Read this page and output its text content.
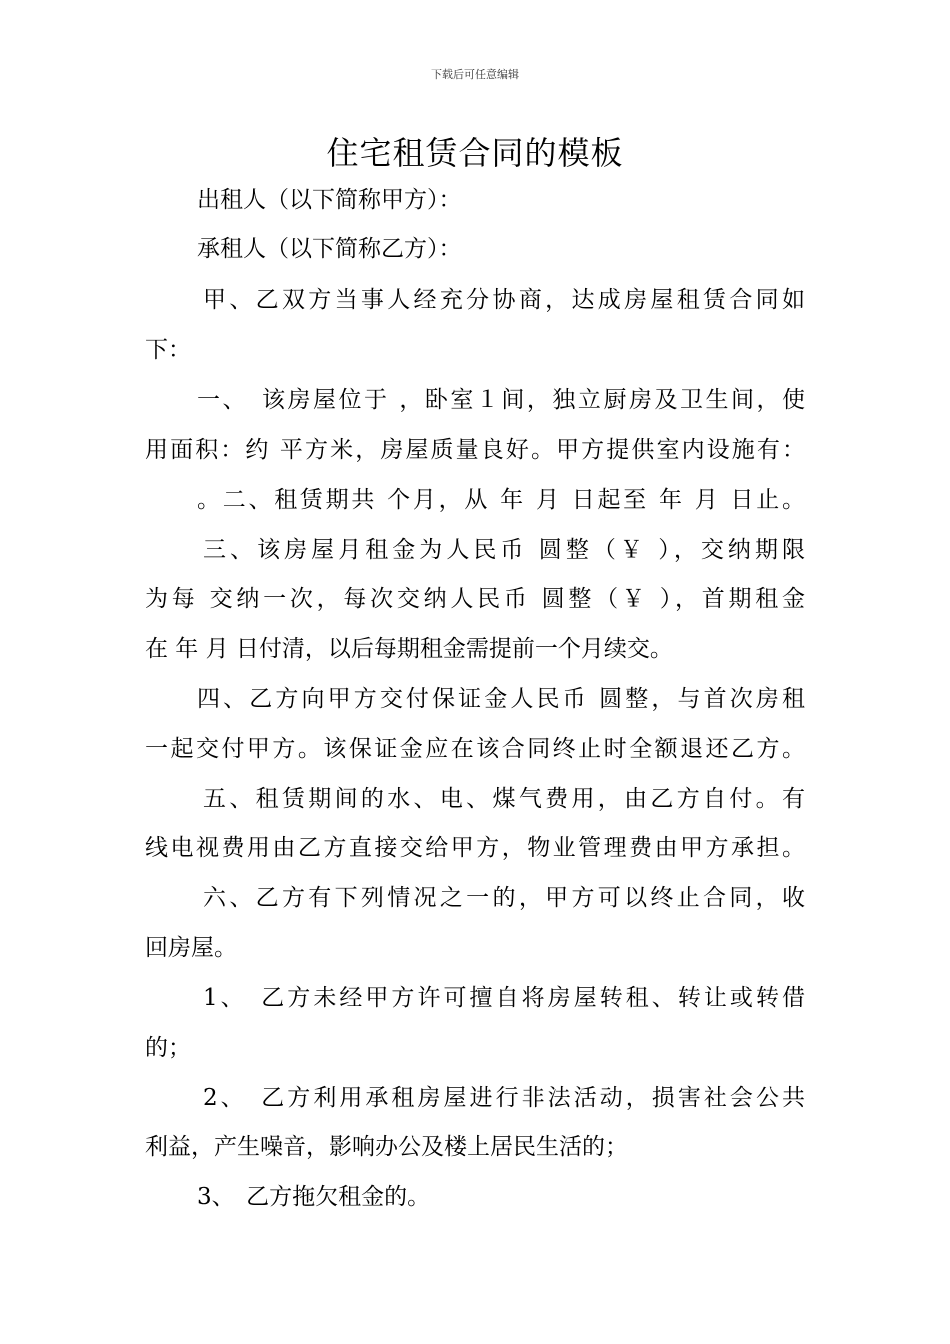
下载后可任意编辑
住宅租赁合同的模板
出租人（以下简称甲方）：
承租人（以下简称乙方）：
甲、乙双方当事人经充分协商，达成房屋租赁合同如
下：
一、　该房屋位于 ，卧室１间，独立厨房及卫生间，使
用面积：约 平方米，房屋质量良好。甲方提供室内设施有：
。二、租赁期共 个月，从 年 月 日起至 年 月 日止。
三、该房屋月租金为人民币 圆整（￥ ），交纳期限
为每 交纳一次，每次交纳人民币 圆整（￥ ），首期租金
在 年 月 日付清，以后每期租金需提前一个月续交。
四、乙方向甲方交付保证金人民币 圆整，与首次房租
一起交付甲方。该保证金应在该合同终止时全额退还乙方。
五、租赁期间的水、电、煤气费用，由乙方自付。有
线电视费用由乙方直接交给甲方，物业管理费由甲方承担。
六、乙方有下列情况之一的，甲方可以终止合同，收
回房屋。
1、　乙方未经甲方许可擅自将房屋转租、转让或转借
的；
2、　乙方利用承租房屋进行非法活动，损害社会公共
利益，产生噪音，影响办公及楼上居民生活的；
3、　乙方拖欠租金的。
